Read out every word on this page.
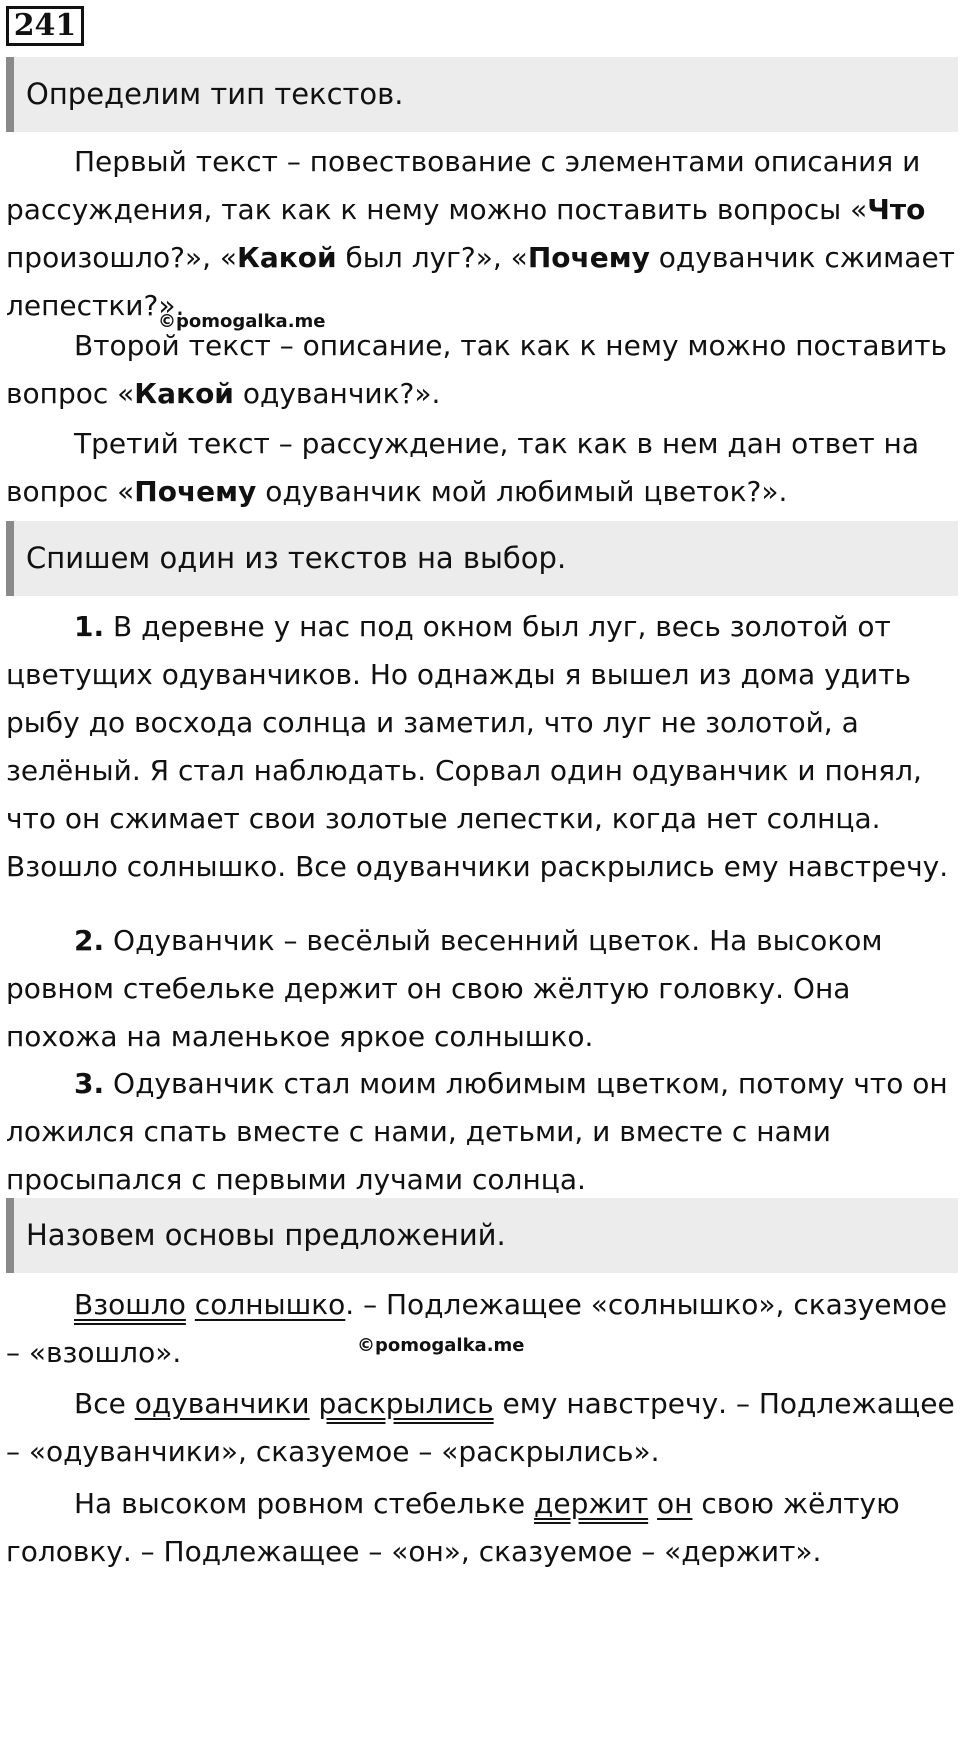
241
Определим тип текстов.

Первый текст – повествование с элементами описания и рассуждения, так как к нему можно поставить вопросы «Что произошло?», «Какой был луг?», «Почему одуванчик сжимает лепестки?».

©pomogalka.me

Второй текст – описание, так как к нему можно поставить вопрос «Какой одуванчик?».

Третий текст – рассуждение, так как в нем дан ответ на вопрос «Почему одуванчик мой любимый цветок?».

Спишем один из текстов на выбор.

1. В деревне у нас под окном был луг, весь золотой от цветущих одуванчиков. Но однажды я вышел из дома удить рыбу до восхода солнца и заметил, что луг не золотой, а зелёный. Я стал наблюдать. Сорвал один одуванчик и понял, что он сжимает свои золотые лепестки, когда нет солнца. Взошло солнышко. Все одуванчики раскрылись ему навстречу.

2. Одуванчик – весёлый весенний цветок. На высоком ровном стебельке держит он свою жёлтую головку. Она похожа на маленькое яркое солнышко.

3. Одуванчик стал моим любимым цветком, потому что он ложился спать вместе с нами, детьми, и вместе с нами просыпался с первыми лучами солнца.

Назовем основы предложений.

Взошло солнышко. – Подлежащее «солнышко», сказуемое – «взошло».	©pomogalka.me

Все одуванчики раскрылись ему навстречу. – Подлежащее – «одуванчики», сказуемое – «раскрылись».

На высоком ровном стебельке держит он свою жёлтую головку. – Подлежащее – «он», сказуемое – «держит».
